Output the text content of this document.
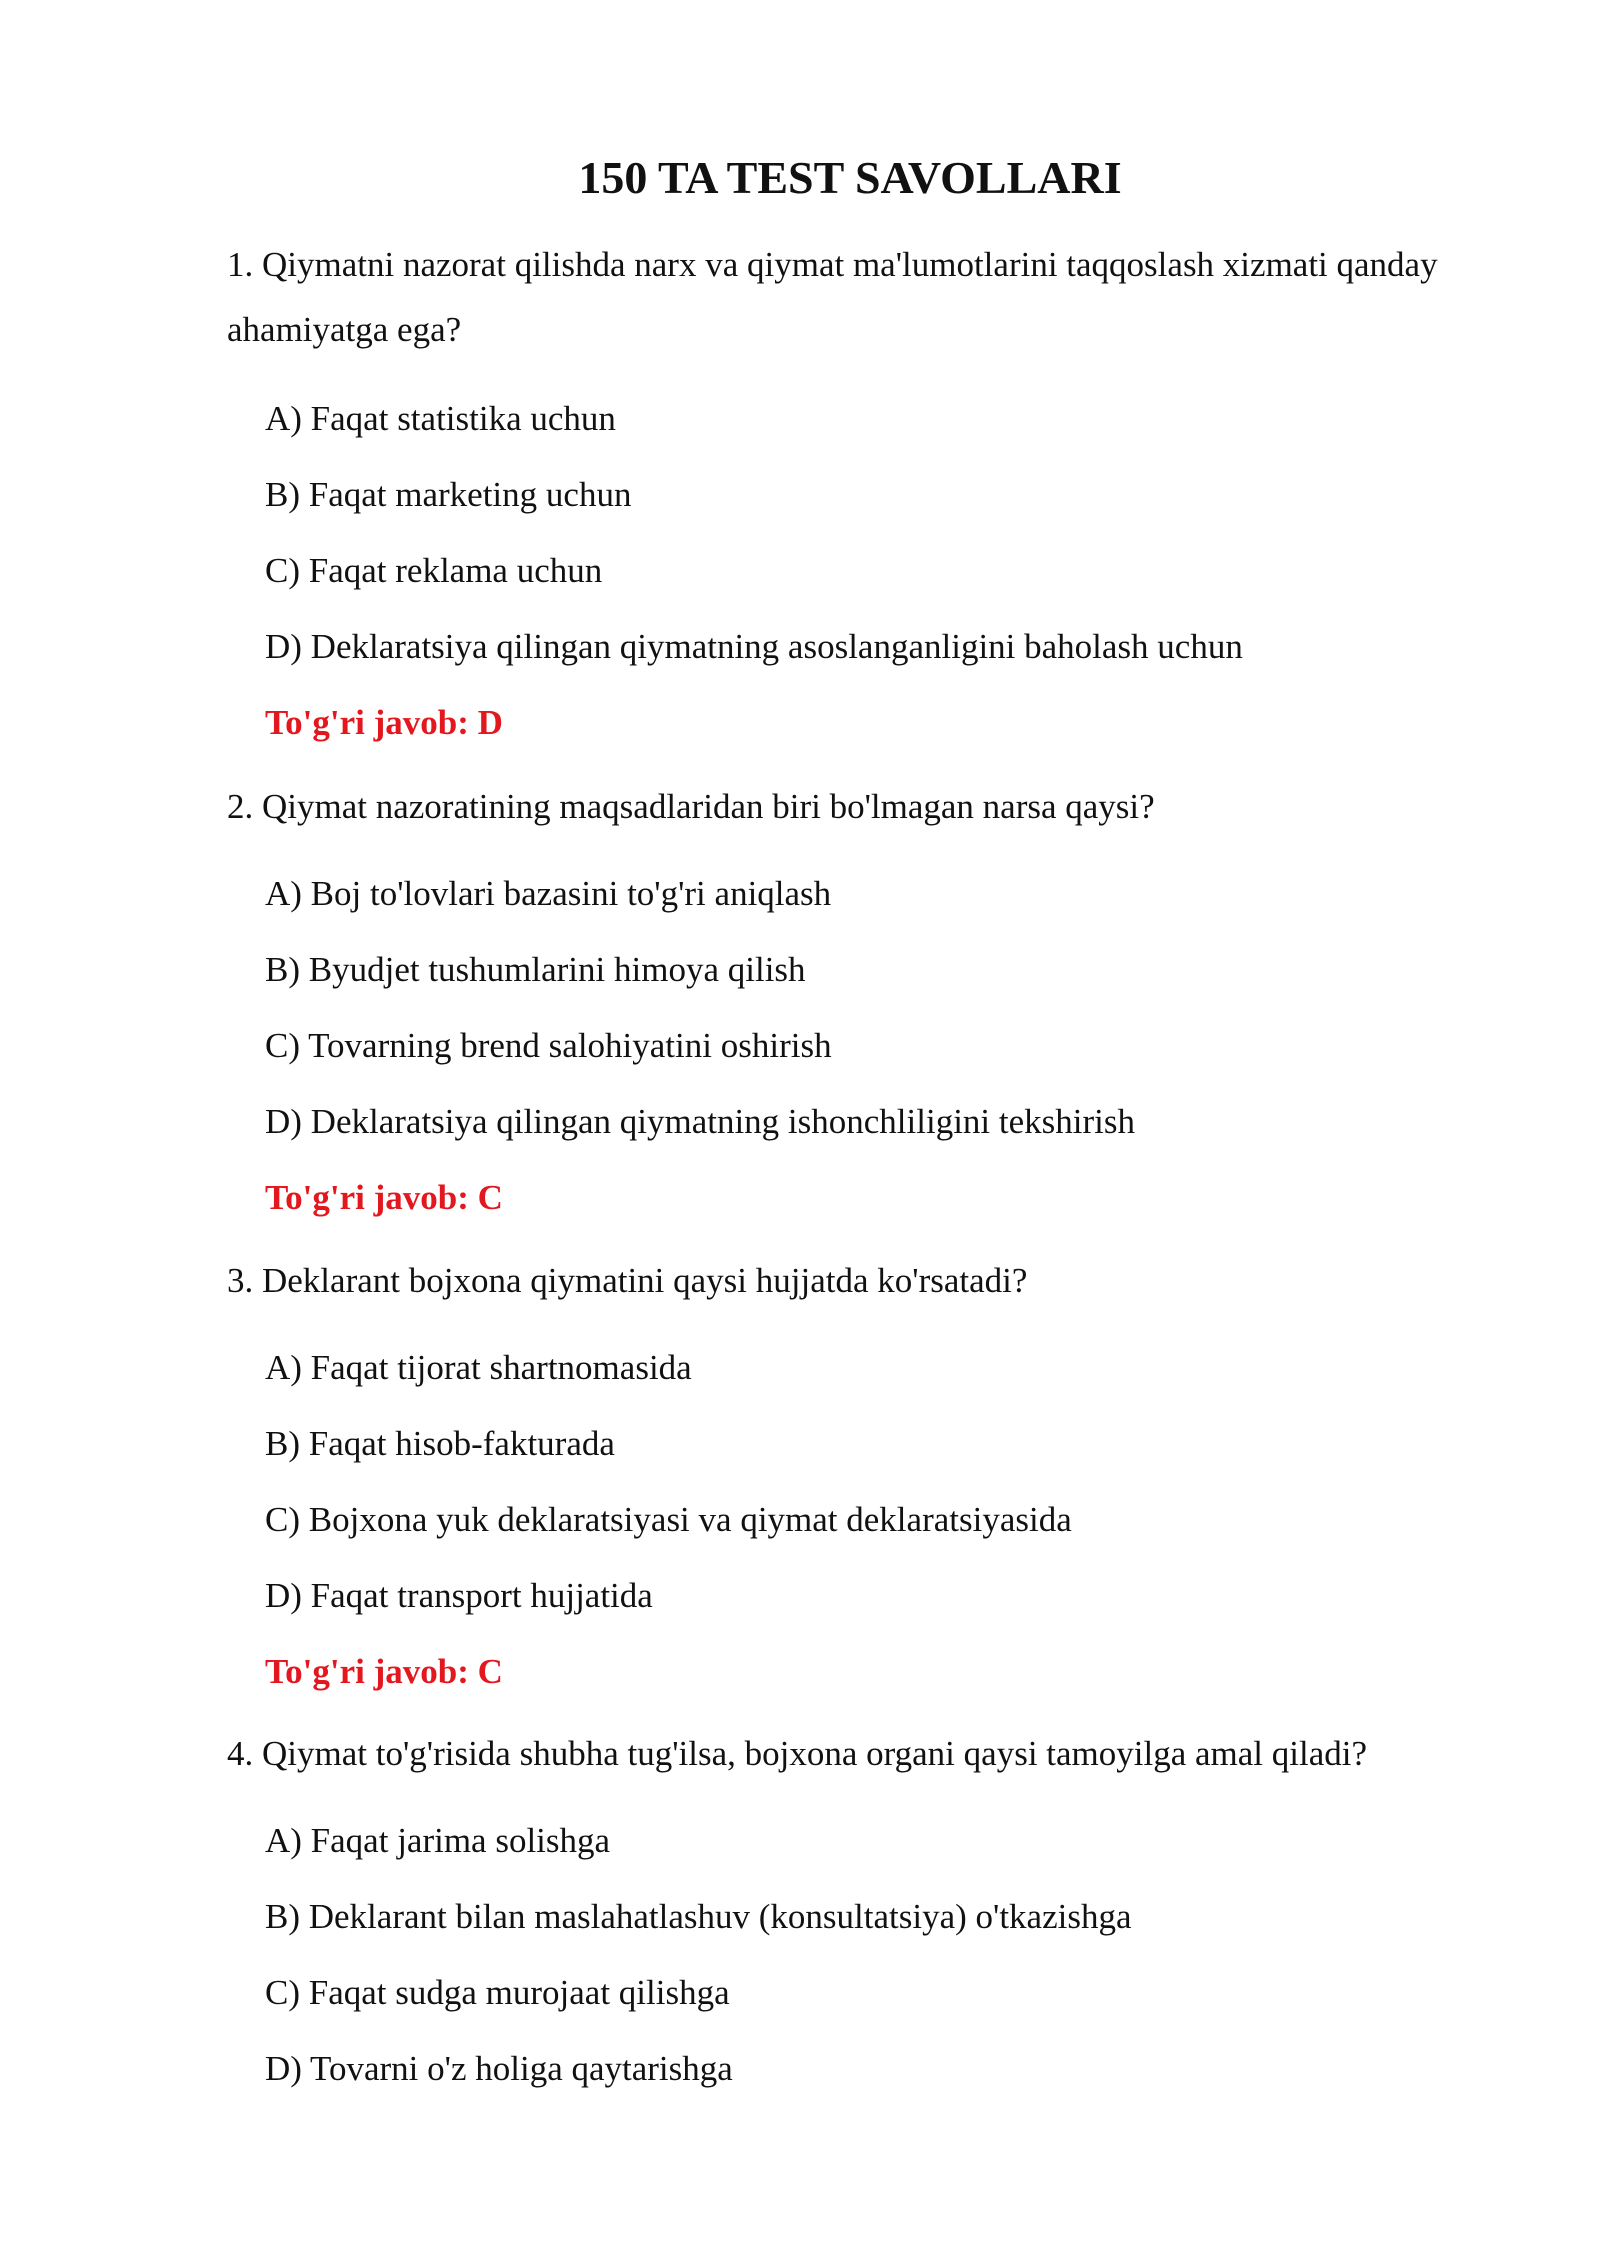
150 TA TEST SAVOLLARI

1. Qiymatni nazorat qilishda narx va qiymat ma'lumotlarini taqqoslash xizmati qanday ahamiyatga ega?

A) Faqat statistika uchun

B) Faqat marketing uchun

C) Faqat reklama uchun

D) Deklaratsiya qilingan qiymatning asoslanganligini baholash uchun

To'g'ri javob: D

2. Qiymat nazoratining maqsadlaridan biri bo'lmagan narsa qaysi?

A) Boj to'lovlari bazasini to'g'ri aniqlash

B) Byudjet tushumlarini himoya qilish

C) Tovarning brend salohiyatini oshirish

D) Deklaratsiya qilingan qiymatning ishonchliligini tekshirish

To'g'ri javob: C

3. Deklarant bojxona qiymatini qaysi hujjatda ko'rsatadi?

A) Faqat tijorat shartnomasida

B) Faqat hisob-fakturada

C) Bojxona yuk deklaratsiyasi va qiymat deklaratsiyasida

D) Faqat transport hujjatida

To'g'ri javob: C

4. Qiymat to'g'risida shubha tug'ilsa, bojxona organi qaysi tamoyilga amal qiladi?

A) Faqat jarima solishga

B) Deklarant bilan maslahatlashuv (konsultatsiya) o'tkazishga

C) Faqat sudga murojaat qilishga

D) Tovarni o'z holiga qaytarishga
